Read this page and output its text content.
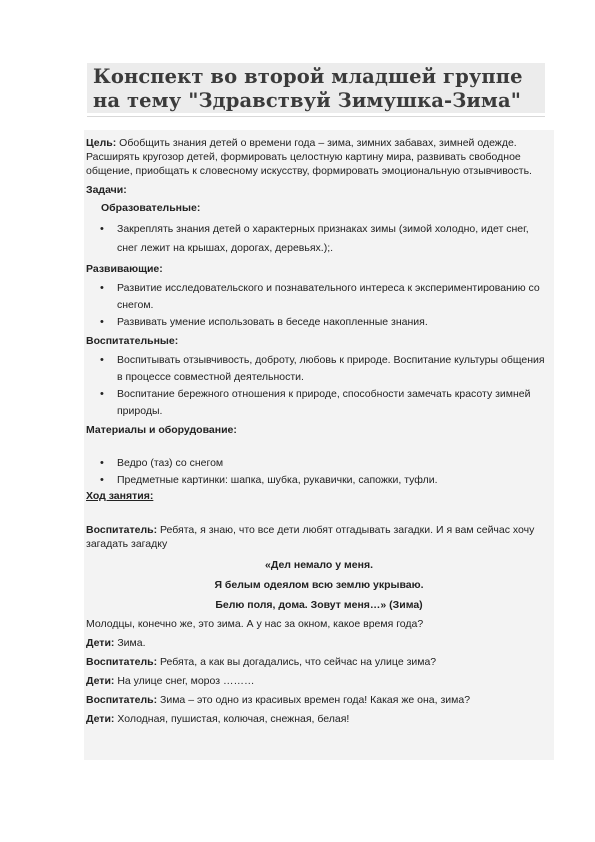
Конспект во второй младшей группе
на тему "Здравствуй Зимушка-Зима"

Цель: Обобщить знания детей о времени года – зима, зимних забавах, зимней одежде. Расширять кругозор детей, формировать целостную картину мира, развивать свободное общение, приобщать к словесному искусству, формировать эмоциональную отзывчивость.

Задачи:
Образовательные:
• Закреплять знания детей о характерных признаках зимы (зимой холодно, идет снег, снег лежит на крышах, дорогах, деревьях.);.
Развивающие:
• Развитие исследовательского и познавательного интереса к экспериментированию со снегом.
• Развивать умение использовать в беседе накопленные знания.
Воспитательные:
• Воспитывать отзывчивость, доброту, любовь к природе. Воспитание культуры общения в процессе совместной деятельности.
• Воспитание бережного отношения к природе, способности замечать красоту зимней природы.
Материалы и оборудование:
• Ведро (таз) со снегом
• Предметные картинки: шапка, шубка, рукавички, сапожки, туфли.
Ход занятия:

Воспитатель: Ребята, я знаю, что все дети любят отгадывать загадки. И я вам сейчас хочу загадать загадку

«Дел немало у меня.
Я белым одеялом всю землю укрываю.
Белю поля, дома. Зовут меня…» (Зима)
Молодцы, конечно же, это зима. А у нас за окном, какое время года?
Дети: Зима.
Воспитатель: Ребята, а как вы догадались, что сейчас на улице зима?
Дети: На улице снег, мороз ………
Воспитатель: Зима – это одно из красивых времен года! Какая же она, зима?
Дети: Холодная, пушистая, колючая, снежная, белая!
